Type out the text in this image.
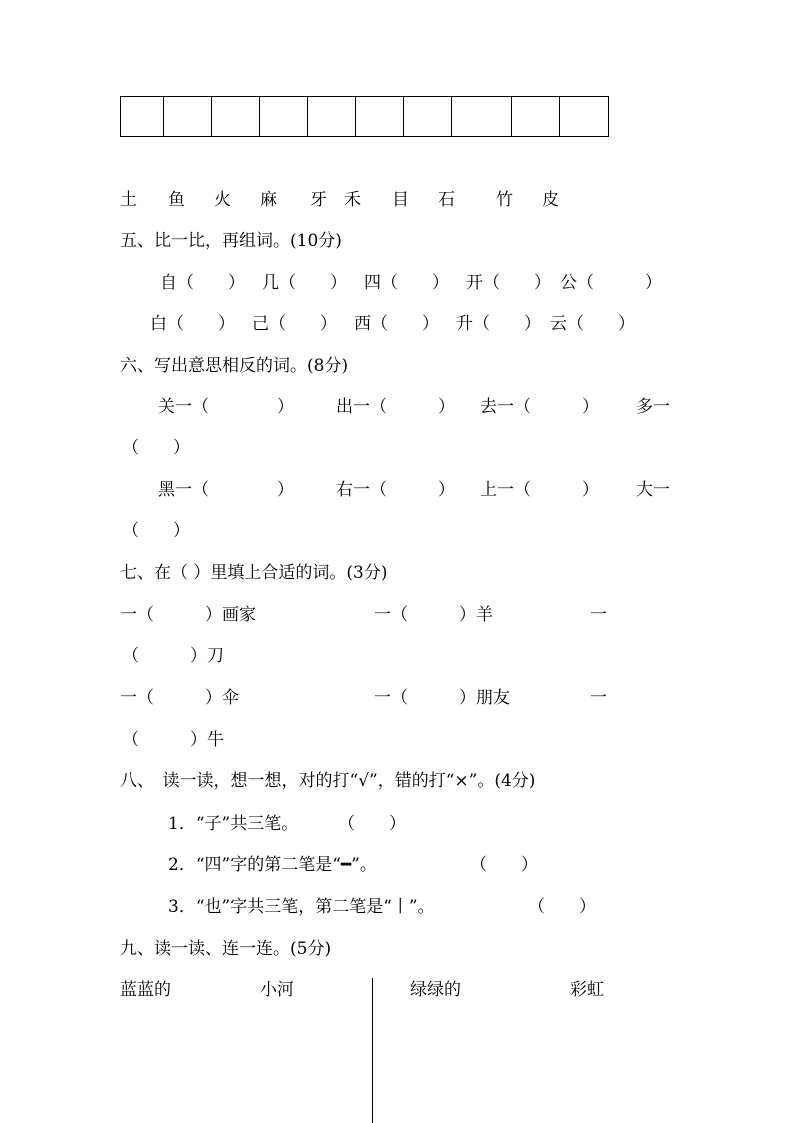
土 鱼 火 麻 牙 禾 目 石 竹 皮
五、比一比，再组词。(10分)
自（　　） 几（　　） 四（　　） 开（　　） 公（　　　）
白（　　） 己（　　） 西（　　） 升（　　） 云（　　）
六、写出意思相反的词。(8分)
关一（　　　　） 出一（　　　） 去一（　　　） 多一
（　　）
黑一（　　　　） 右一（　　　） 上一（　　　） 大一
（　　）
七、在（ ）里填上合适的词。(3分)
一（　　　）画家	一（　　　）羊	一
（　　　）刀
一（　　　）伞	一（　　　）朋友	一
（　　　）牛
八、　读一读，想一想，对的打“√”，错的打“×”。(4分)
1．“子”共三笔。 （　　）
2．“四”字的第二笔是“━”。	（　　）
3．“也”字共三笔，第二笔是“丨”。	（　　）
九、读一读、连一连。(5分)
蓝蓝的	小河	绿绿的	彩虹
